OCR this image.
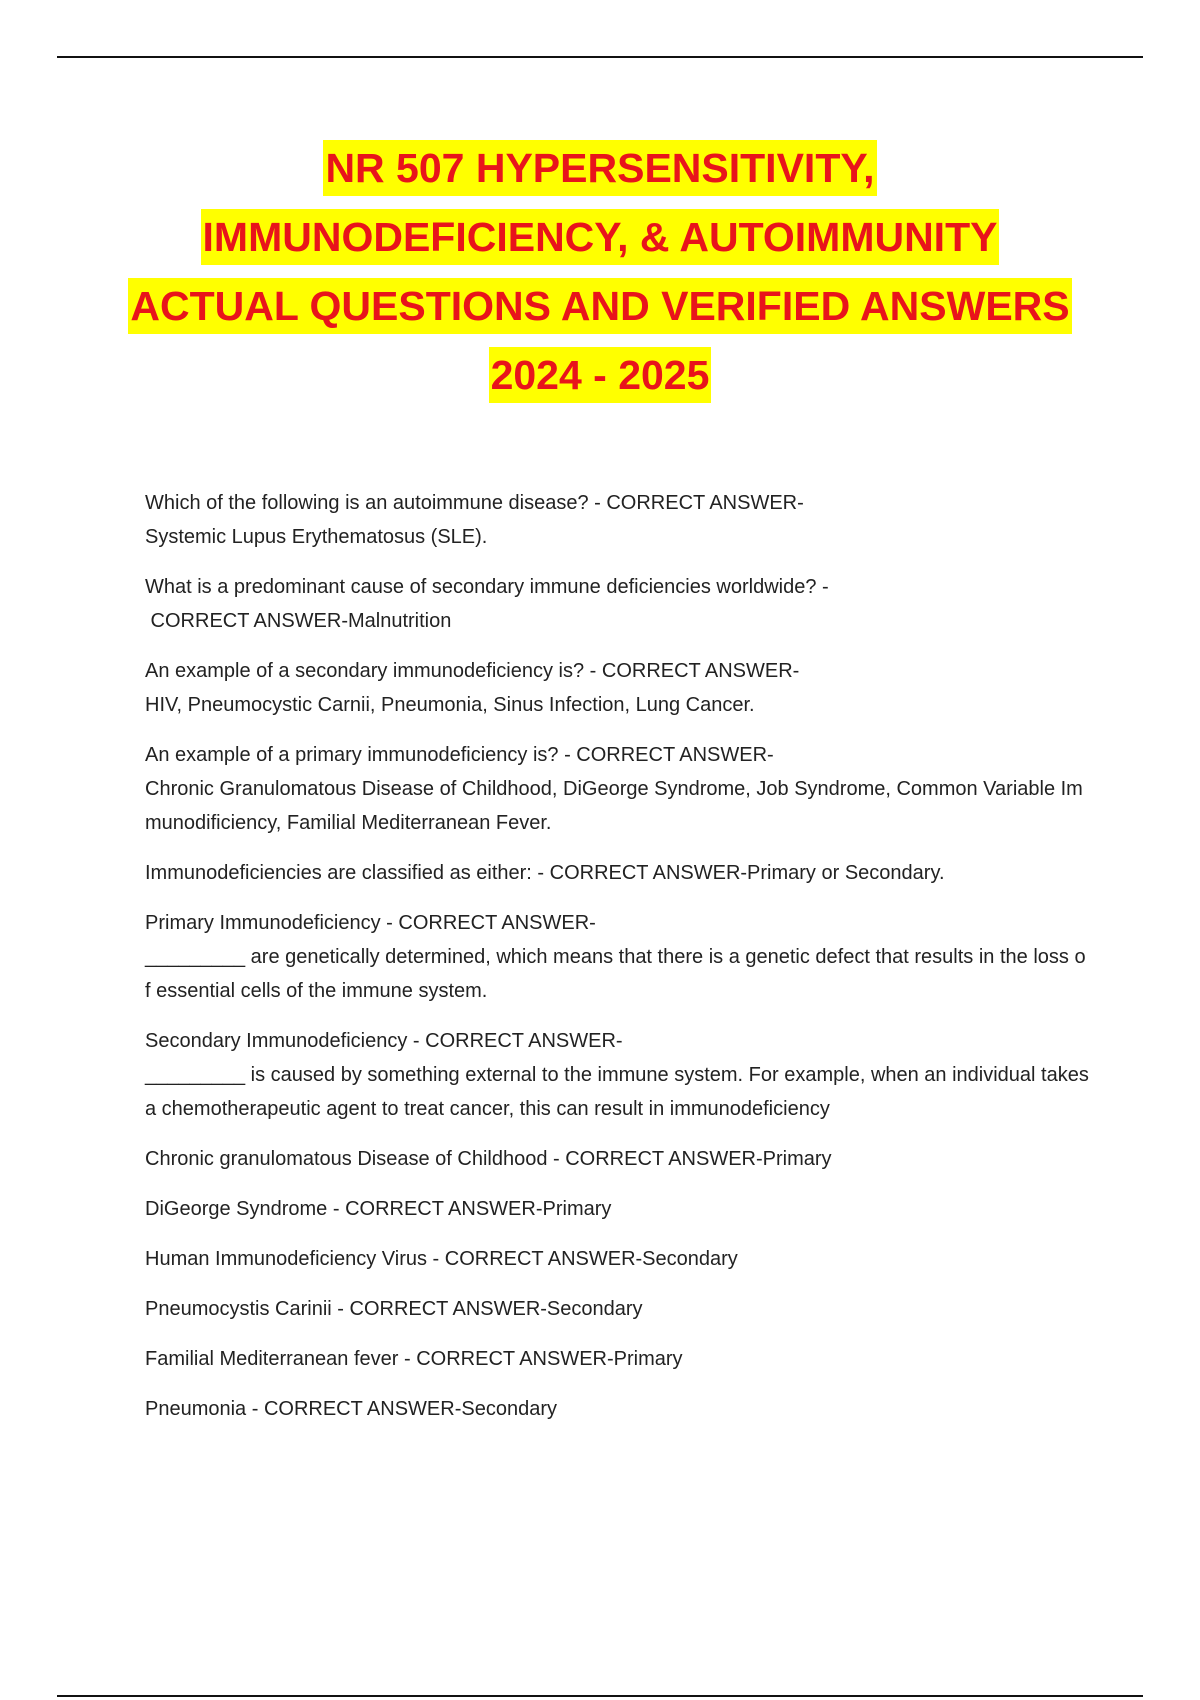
NR 507 HYPERSENSITIVITY,
IMMUNODEFICIENCY, & AUTOIMMUNITY
ACTUAL QUESTIONS AND VERIFIED ANSWERS
2024 - 2025
Which of the following is an autoimmune disease? - CORRECT ANSWER-
Systemic Lupus Erythematosus (SLE).
What is a predominant cause of secondary immune deficiencies worldwide? -
CORRECT ANSWER-Malnutrition
An example of a secondary immunodeficiency is? - CORRECT ANSWER-
HIV, Pneumocystic Carnii, Pneumonia, Sinus Infection, Lung Cancer.
An example of a primary immunodeficiency is? - CORRECT ANSWER-
Chronic Granulomatous Disease of Childhood, DiGeorge Syndrome, Job Syndrome, Common Variable Immunodificiency, Familial Mediterranean Fever.
Immunodeficiencies are classified as either: - CORRECT ANSWER-Primary or Secondary.
Primary Immunodeficiency - CORRECT ANSWER-
_________ are genetically determined, which means that there is a genetic defect that results in the loss of essential cells of the immune system.
Secondary Immunodeficiency - CORRECT ANSWER-
_________ is caused by something external to the immune system. For example, when an individual takes a chemotherapeutic agent to treat cancer, this can result in immunodeficiency
Chronic granulomatous Disease of Childhood - CORRECT ANSWER-Primary
DiGeorge Syndrome - CORRECT ANSWER-Primary
Human Immunodeficiency Virus - CORRECT ANSWER-Secondary
Pneumocystis Carinii - CORRECT ANSWER-Secondary
Familial Mediterranean fever - CORRECT ANSWER-Primary
Pneumonia - CORRECT ANSWER-Secondary
